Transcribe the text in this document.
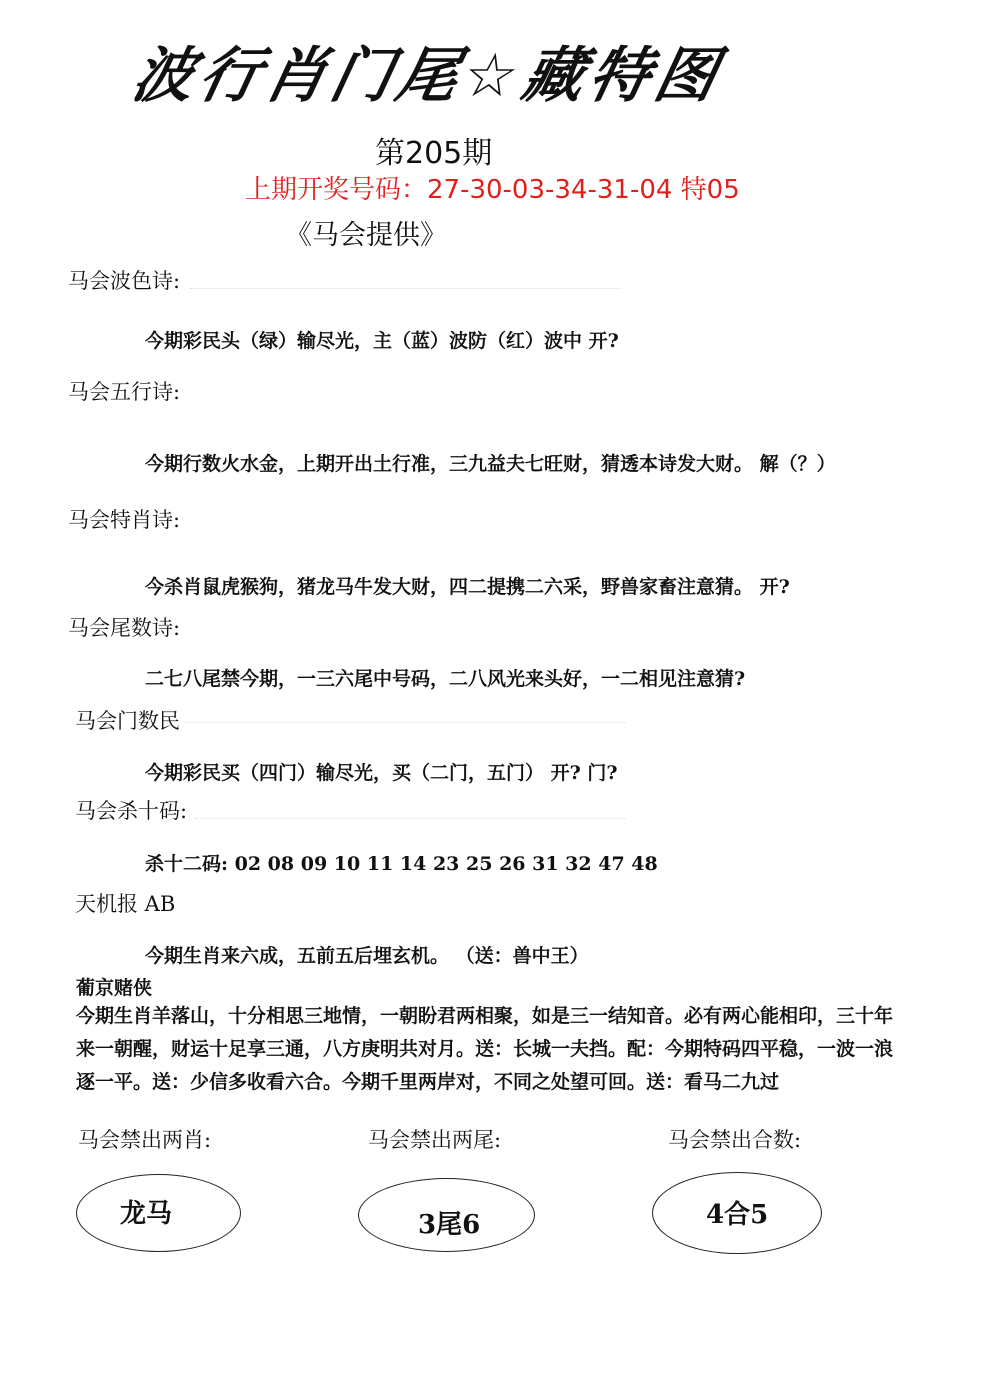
波行肖门尾☆藏特图
第205期
上期开奖号码：27-30-03-34-31-04 特05
《马会提供》
马会波色诗:
今期彩民头（绿）输尽光，主（蓝）波防（红）波中 开?
马会五行诗:
今期行数火水金，上期开出土行准，三九益夫七旺财，猜透本诗发大财。 解（？）
马会特肖诗:
今杀肖鼠虎猴狗，猪龙马牛发大财，四二提携二六采，野兽家畜注意猜。 开?
马会尾数诗:
二七八尾禁今期，一三六尾中号码，二八风光来头好，一二相见注意猜?
马会门数民
今期彩民买（四门）输尽光，买（二门，五门） 开? 门?
马会杀十码:
杀十二码: 02 08 09 10 11 14 23 25 26 31 32 47 48
天机报 AB
今期生肖来六成，五前五后埋玄机。 （送：兽中王）
葡京赌侠
今期生肖羊落山，十分相思三地情，一朝盼君两相聚，如是三一结知音。必有两心能相印，三十年来一朝醒，财运十足享三通，八方庚明共对月。送：长城一夫挡。配：今期特码四平稳，一波一浪逐一平。送：少信多收看六合。今期千里两岸对，不同之处望可回。送：看马二九过
马会禁出两肖:	马会禁出两尾:	马会禁出合数:
龙马	3尾6	4合5
